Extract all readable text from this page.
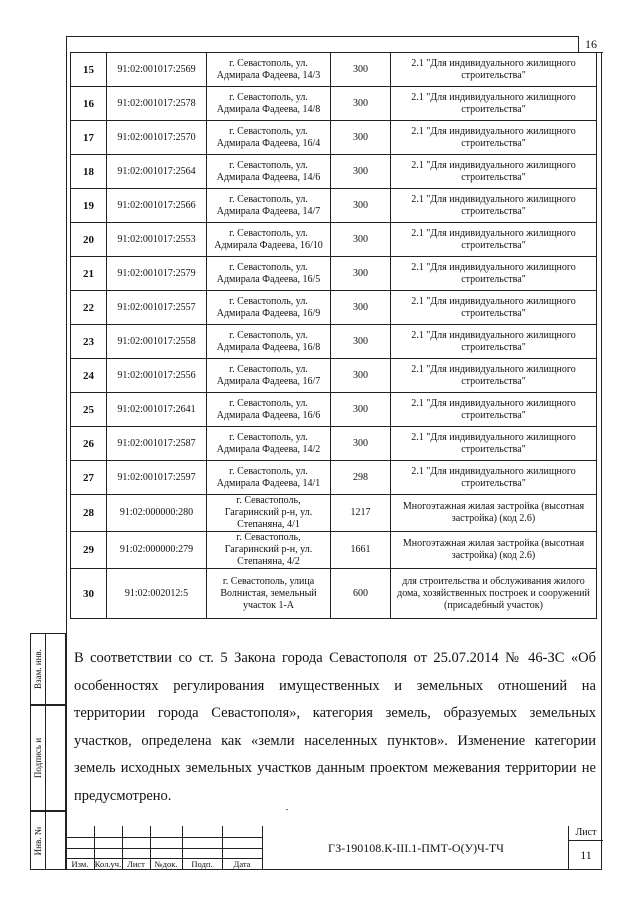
16
15	91:02:001017:2569	г. Севастополь, ул. Адмирала Фадеева, 14/3	300	2.1 "Для индивидуального жилищного строительства"
16	91:02:001017:2578	г. Севастополь, ул. Адмирала Фадеева, 14/8	300	2.1 "Для индивидуального жилищного строительства"
17	91:02:001017:2570	г. Севастополь, ул. Адмирала Фадеева, 16/4	300	2.1 "Для индивидуального жилищного строительства"
18	91:02:001017:2564	г. Севастополь, ул. Адмирала Фадеева, 14/6	300	2.1 "Для индивидуального жилищного строительства"
19	91:02:001017:2566	г. Севастополь, ул. Адмирала Фадеева, 14/7	300	2.1 "Для индивидуального жилищного строительства"
20	91:02:001017:2553	г. Севастополь, ул. Адмирала Фадеева, 16/10	300	2.1 "Для индивидуального жилищного строительства"
21	91:02:001017:2579	г. Севастополь, ул. Адмирала Фадеева, 16/5	300	2.1 "Для индивидуального жилищного строительства"
22	91:02:001017:2557	г. Севастополь, ул. Адмирала Фадеева, 16/9	300	2.1 "Для индивидуального жилищного строительства"
23	91:02:001017:2558	г. Севастополь, ул. Адмирала Фадеева, 16/8	300	2.1 "Для индивидуального жилищного строительства"
24	91:02:001017:2556	г. Севастополь, ул. Адмирала Фадеева, 16/7	300	2.1 "Для индивидуального жилищного строительства"
25	91:02:001017:2641	г. Севастополь, ул. Адмирала Фадеева, 16/6	300	2.1 "Для индивидуального жилищного строительства"
26	91:02:001017:2587	г. Севастополь, ул. Адмирала Фадеева, 14/2	300	2.1 "Для индивидуального жилищного строительства"
27	91:02:001017:2597	г. Севастополь, ул. Адмирала Фадеева, 14/1	298	2.1 "Для индивидуального жилищного строительства"
28	91:02:000000:280	г. Севастополь, Гагаринский р-н, ул. Степаняна, 4/1	1217	Многоэтажная жилая застройка (высотная застройка) (код 2.6)
29	91:02:000000:279	г. Севастополь, Гагаринский р-н, ул. Степаняна, 4/2	1661	Многоэтажная жилая застройка (высотная застройка) (код 2.6)
30	91:02:002012:5	г. Севастополь, улица Волнистая, земельный участок 1-А	600	для строительства и обслуживания жилого дома, хозяйственных построек и сооружений (присадебный участок)

В соответствии со ст. 5 Закона города Севастополя от 25.07.2014 № 46-ЗС «Об особенностях регулирования имущественных и земельных отношений на территории города Севастополя», категория земель, образуемых земельных участков, определена как «земли населенных пунктов». Изменение категории земель исходных земельных участков данным проектом межевания территории не предусмотрено.

Взам. инв.
Подпись и
Инв. №
Изм. Кол.уч. Лист	№док.	Подп.	Дата
ГЗ-190108.К-III.1-ПМТ-О(У)Ч-ТЧ
Лист
11
